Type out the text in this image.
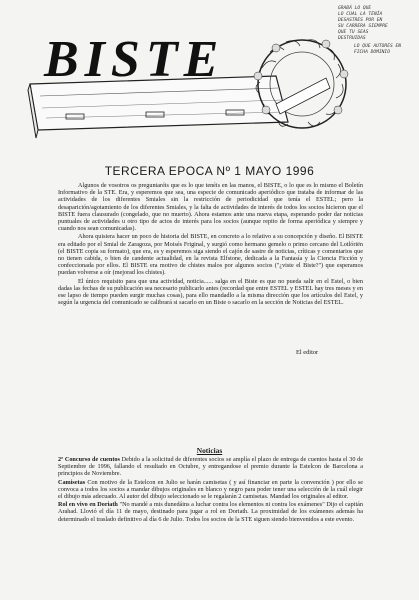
GRABÁ LO QUE
LO CUAL LA TENÍA
DESASTRES POR EN
SU CARRERA SIEMPRE
QUE TU SEAS
DESTRUIDAS
LO QUE AUTORES EN
FICHA DOMINIO
BISTE
TERCERA EPOCA Nº 1 MAYO 1996

Algunos de vosotros os preguntaréis que es lo que tenéis en las manos, el BISTE, o lo que es lo mismo el Boletín Informativo de la STE. Era, y esperemos que sea, una especie de comunicado aperiódico que trataba de informar de las actividades de los diferentes Smiales sin la restricción de periodicidad que tenía el ESTEL; pero la desaparición/agotamiento de los diferentes Smiales, y la falta de actividades de interés de todos los socios hicieron que el BISTE fuera clausurado (congelado, que no muerto). Ahora estamos ante una nueva etapa, esperando poder dar noticias puntuales de actividades u otro tipo de actos de interés para los socios (aunque repito de forma aperiódica y siempre y cuando nos sean comunicadas).

Ahora quisiera hacer un poco de historia del BISTE, en concreto a lo relativo a su concepción y diseño. El BISTE era editado por el Smial de Zaragoza, por Moisés Friginal, y surgió como hermano gemelo o primo cercano del Lotlóriën (el BISTE copia su formato), que era, es y esperemos siga siendo el cajón de sastre de noticias, críticas y comentarios que no tienen cabida, o bien de candente actualidad, en la revista Elfstone, dedicada a la Fantasía y la Ciencia Ficción y confeccionada por ellos. El BISTE era motivo de chistes malos por algunos socios ("¿viste el Biste?") que esperamos puedan volverse a oír (mejorad los chistes).

El único requisito para que una actividad, noticia...... salga en el Biste es que no pueda salir en el Estel, o bien dadas las fechas de su publicación sea necesario publicarlo antes (recordad que entre ESTEL y ESTEL hay tres meses y en ese lapso de tiempo pueden surgir muchas cosas), para ello mandadlo a la misma dirección que los artículos del Estel, y según la urgencia del comunicado se calibrará si sacarlo en un Biste o sacarlo en la sección de Noticias del ESTEL.

El editor
Noticias

2º Concurso de cuentos Debido a la solicitud de diferentes socios se amplía el plazo de entrega de cuentos hasta el 30 de Septiembre de 1996, fallando el resultado en Octubre, y entregandose el premio durante la Estelcon de Barcelona a principios de Noviembre.

Camisetas Con motivo de la Estelcon en Julio se harán camisetas ( y así financiar en parte la convención ) por ello se convoca a todos los socios a mandar dibujos originales en blanco y negro para poder tener una selección de la cuál elegir el dibujo más adecuado. Al autor del dibujo seleccionado se le regalarán 2 camisetas. Mandad los originales al editor.

Rol en vivo en Doriath "No mandé a mis dunedáins a luchar contra los elementos ni contra los exámenes" Dijo el capitán Arahad. Llovió el día 11 de mayo, destinado para jugar a rol en Doriath. La proximidad de los exámenes además ha determinado el traslado definitivo al día 6 de Julio. Todos los socios de la STE siguen siendo bienvenidos a este evento.
